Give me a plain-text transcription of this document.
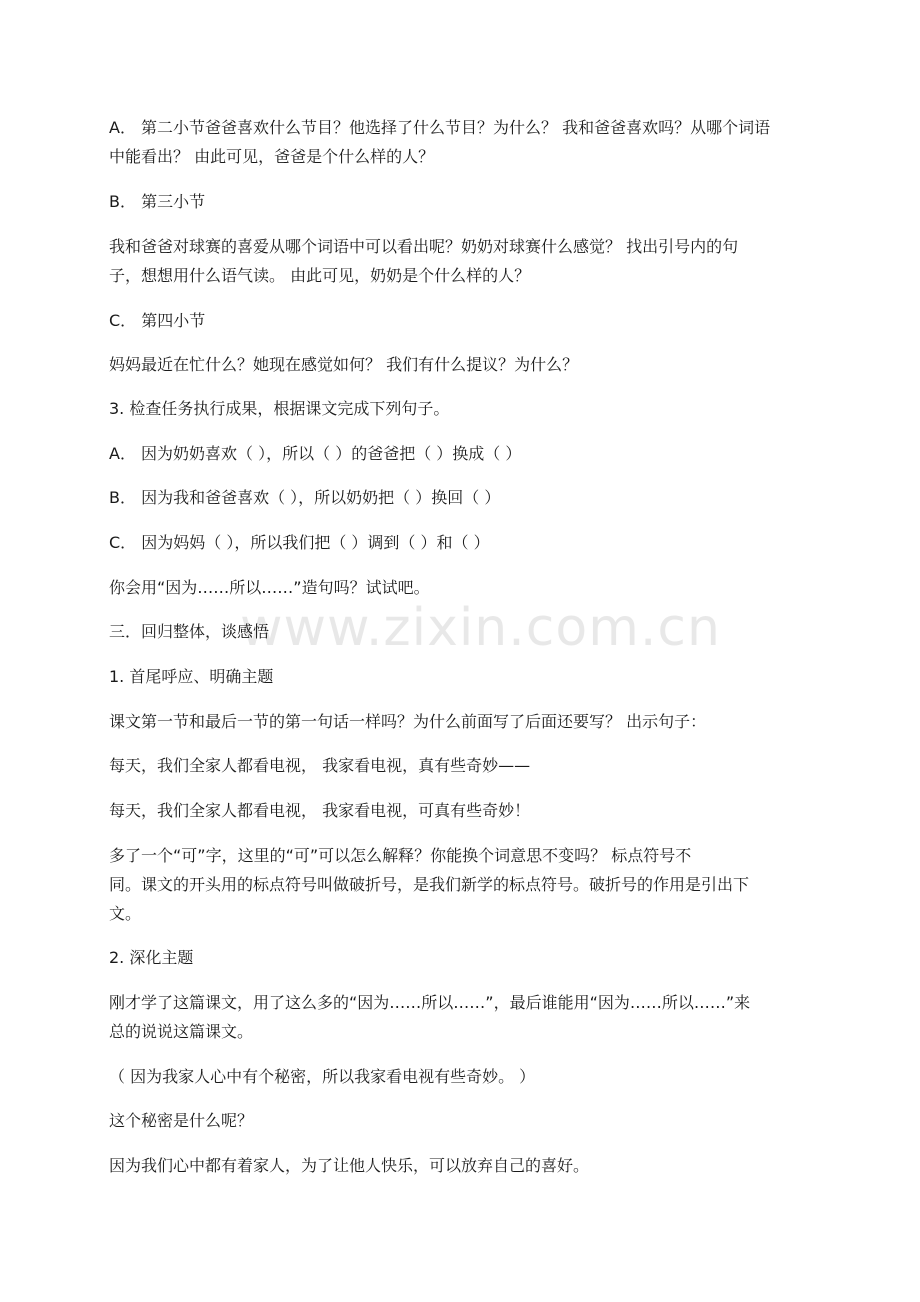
www.zixin.com.cn
A． 第二小节爸爸喜欢什么节目？他选择了什么节目？为什么？ 我和爸爸喜欢吗？从哪个词语
中能看出？ 由此可见，爸爸是个什么样的人？
B． 第三小节
我和爸爸对球赛的喜爱从哪个词语中可以看出呢？奶奶对球赛什么感觉？ 找出引号内的句
子，想想用什么语气读。 由此可见，奶奶是个什么样的人？
C． 第四小节
妈妈最近在忙什么？她现在感觉如何？ 我们有什么提议？为什么？
3. 检查任务执行成果，根据课文完成下列句子。
A． 因为奶奶喜欢（ ），所以（ ）的爸爸把（ ）换成（ ）
B． 因为我和爸爸喜欢（ ），所以奶奶把（ ）换回（ ）
C． 因为妈妈（ ），所以我们把（ ）调到（ ）和（ ）
你会用“因为……所以……”造句吗？试试吧。
三．回归整体，谈感悟
1. 首尾呼应、明确主题
课文第一节和最后一节的第一句话一样吗？为什么前面写了后面还要写？ 出示句子：
每天，我们全家人都看电视， 我家看电视，真有些奇妙——
每天，我们全家人都看电视， 我家看电视，可真有些奇妙！
多了一个“可”字，这里的“可”可以怎么解释？你能换个词意思不变吗？ 标点符号不
同。课文的开头用的标点符号叫做破折号，是我们新学的标点符号。破折号的作用是引出下
文。
2. 深化主题
刚才学了这篇课文，用了这么多的“因为……所以……”，最后谁能用“因为……所以……”来
总的说说这篇课文。
（ 因为我家人心中有个秘密，所以我家看电视有些奇妙。 ）
这个秘密是什么呢？
因为我们心中都有着家人，为了让他人快乐，可以放弃自己的喜好。
